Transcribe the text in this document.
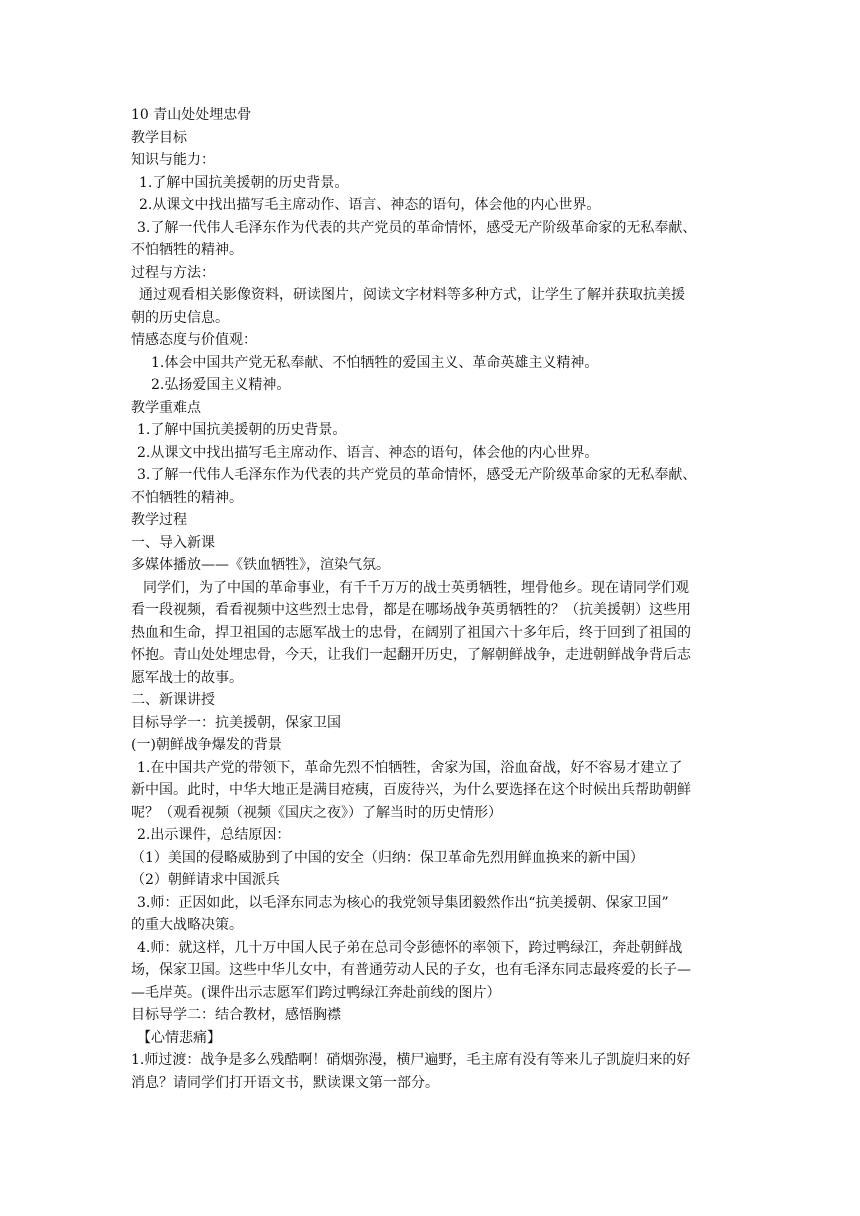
10 青山处处埋忠骨
教学目标
知识与能力：
1.了解中国抗美援朝的历史背景。
2.从课文中找出描写毛主席动作、语言、神态的语句，体会他的内心世界。
3.了解一代伟人毛泽东作为代表的共产党员的革命情怀，感受无产阶级革命家的无私奉献、
不怕牺牲的精神。
过程与方法：
通过观看相关影像资料，研读图片，阅读文字材料等多种方式，让学生了解并获取抗美援
朝的历史信息。
情感态度与价值观：
1.体会中国共产党无私奉献、不怕牺牲的爱国主义、革命英雄主义精神。
2.弘扬爱国主义精神。
教学重难点
1.了解中国抗美援朝的历史背景。
2.从课文中找出描写毛主席动作、语言、神态的语句，体会他的内心世界。
3.了解一代伟人毛泽东作为代表的共产党员的革命情怀，感受无产阶级革命家的无私奉献、
不怕牺牲的精神。
教学过程
一、导入新课
多媒体播放——《铁血牺牲》，渲染气氛。
同学们，为了中国的革命事业，有千千万万的战士英勇牺牲，埋骨他乡。现在请同学们观
看一段视频，看看视频中这些烈士忠骨，都是在哪场战争英勇牺牲的？（抗美援朝）这些用
热血和生命，捍卫祖国的志愿军战士的忠骨，在阔别了祖国六十多年后，终于回到了祖国的
怀抱。青山处处埋忠骨，今天，让我们一起翻开历史，了解朝鲜战争，走进朝鲜战争背后志
愿军战士的故事。
二、新课讲授
目标导学一：抗美援朝，保家卫国
(一)朝鲜战争爆发的背景
1.在中国共产党的带领下，革命先烈不怕牺牲，舍家为国，浴血奋战，好不容易才建立了
新中国。此时，中华大地正是满目疮痍，百废待兴，为什么要选择在这个时候出兵帮助朝鲜
呢？（观看视频（视频《国庆之夜》）了解当时的历史情形）
2.出示课件，总结原因：
（1）美国的侵略威胁到了中国的安全（归纳：保卫革命先烈用鲜血换来的新中国）
（2）朝鲜请求中国派兵
3.师：正因如此，以毛泽东同志为核心的我党领导集团毅然作出“抗美援朝、保家卫国”
的重大战略决策。
4.师：就这样，几十万中国人民子弟在总司令彭德怀的率领下，跨过鸭绿江，奔赴朝鲜战
场，保家卫国。这些中华儿女中，有普通劳动人民的子女，也有毛泽东同志最疼爱的长子—
—毛岸英。(课件出示志愿军们跨过鸭绿江奔赴前线的图片）
目标导学二：结合教材，感悟胸襟
【心情悲痛】
1.师过渡：战争是多么残酷啊！硝烟弥漫，横尸遍野，毛主席有没有等来儿子凯旋归来的好
消息？请同学们打开语文书，默读课文第一部分。
